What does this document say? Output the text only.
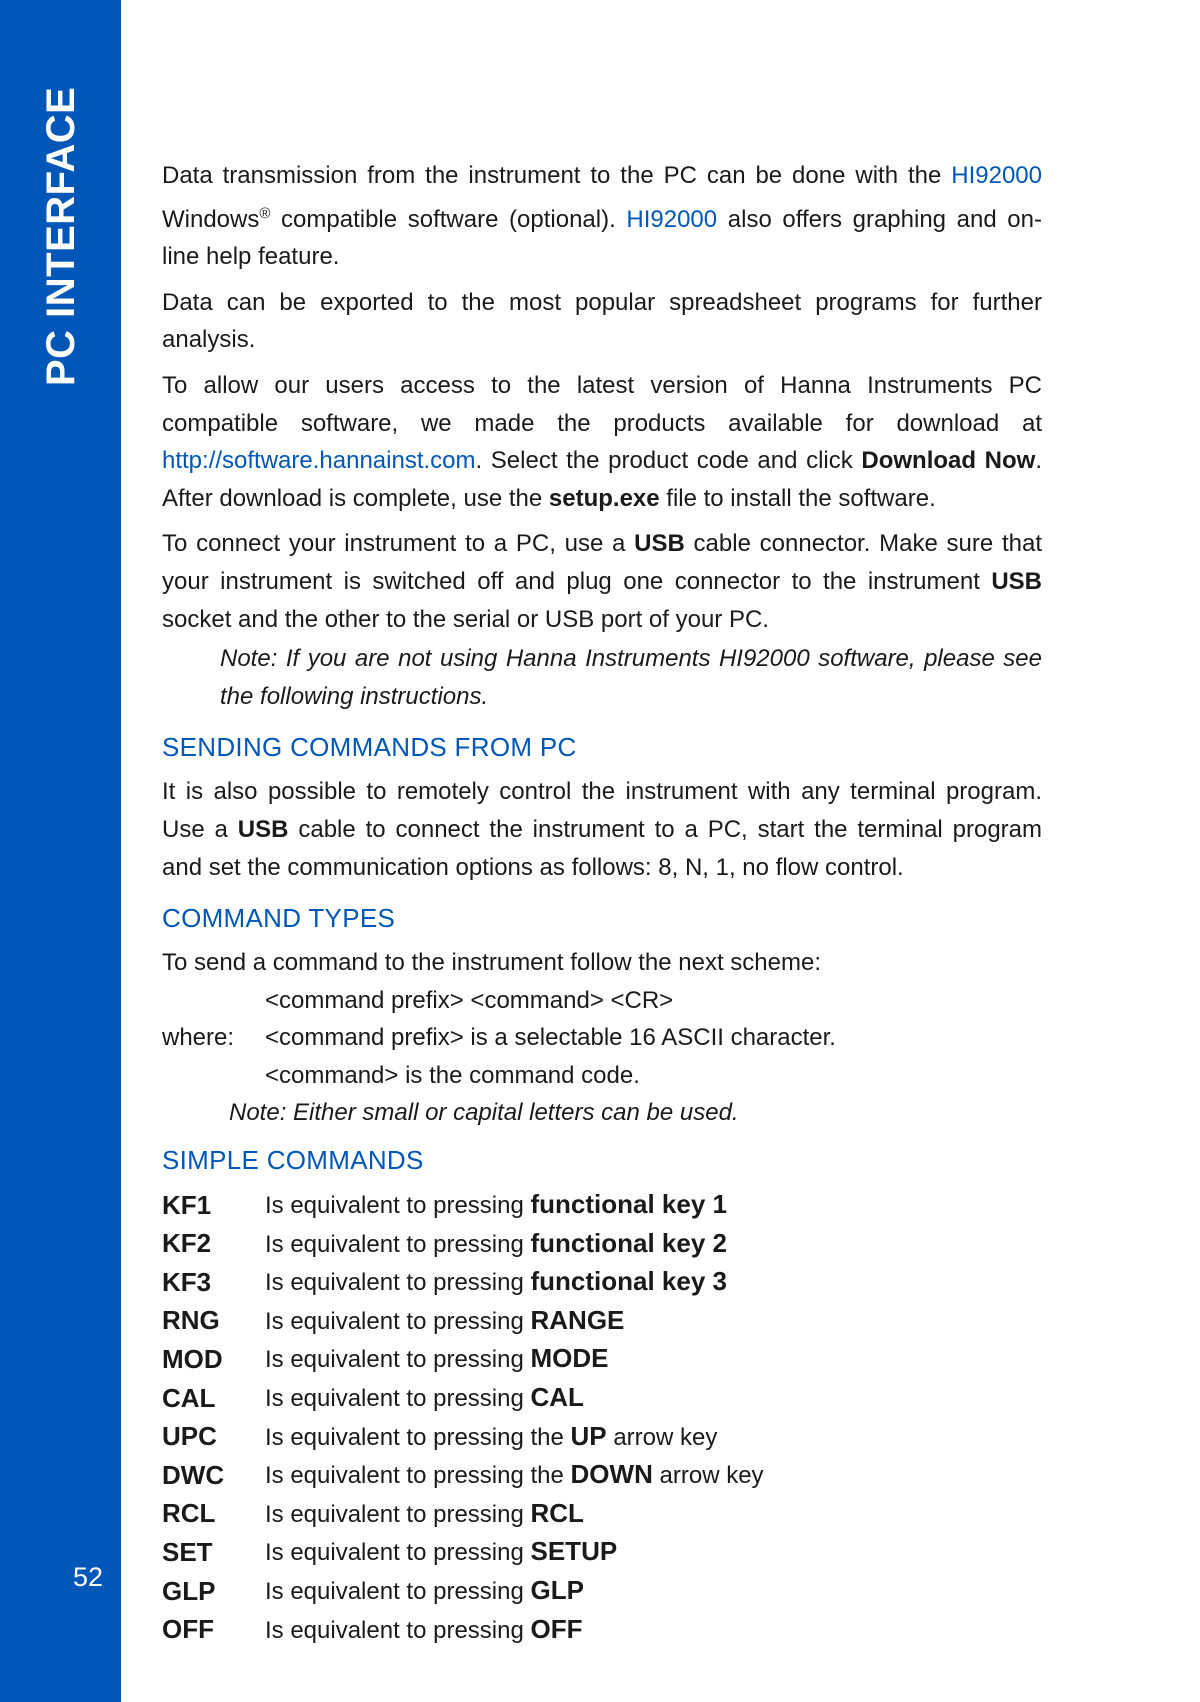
PC INTERFACE
52

Data transmission from the instrument to the PC can be done with the HI92000 Windows® compatible software (optional). HI92000 also offers graphing and on-line help feature.

Data can be exported to the most popular spreadsheet programs for further analysis.

To allow our users access to the latest version of Hanna Instruments PC compatible software, we made the products available for download at http://software.hannainst.com. Select the product code and click Download Now. After download is complete, use the setup.exe file to install the software.

To connect your instrument to a PC, use a USB cable connector. Make sure that your instrument is switched off and plug one connector to the instrument USB socket and the other to the serial or USB port of your PC.

Note: If you are not using Hanna Instruments HI92000 software, please see the following instructions.

SENDING COMMANDS FROM PC

It is also possible to remotely control the instrument with any terminal program. Use a USB cable to connect the instrument to a PC, start the terminal program and set the communication options as follows: 8, N, 1, no flow control.

COMMAND TYPES
To send a command to the instrument follow the next scheme:
<command prefix> <command> <CR>
where:	<command prefix> is a selectable 16 ASCII character.
<command> is the command code.
Note: Either small or capital letters can be used.
SIMPLE COMMANDS
KF1	Is equivalent to pressing functional key 1
KF2	Is equivalent to pressing functional key 2
KF3	Is equivalent to pressing functional key 3
RNG	Is equivalent to pressing RANGE
MOD	Is equivalent to pressing MODE
CAL	Is equivalent to pressing CAL
UPC	Is equivalent to pressing the UP arrow key
DWC	Is equivalent to pressing the DOWN arrow key
RCL	Is equivalent to pressing RCL
SET	Is equivalent to pressing SETUP
GLP	Is equivalent to pressing GLP
OFF	Is equivalent to pressing OFF
